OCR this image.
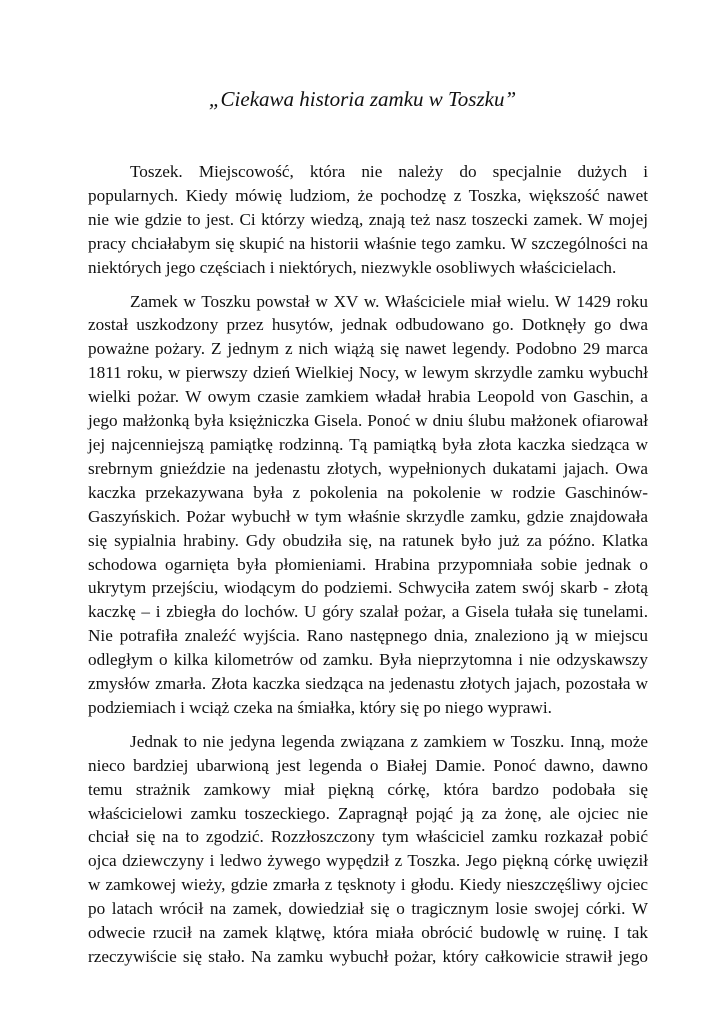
„Ciekawa historia zamku w Toszku”

Toszek. Miejscowość, która nie należy do specjalnie dużych i
popularnych. Kiedy mówię ludziom, że pochodzę z Toszka, większość nawet
nie wie gdzie to jest. Ci którzy wiedzą, znają też nasz toszecki zamek. W mojej
pracy chciałabym się skupić na historii właśnie tego zamku. W szczególności na
niektórych jego częściach i niektórych, niezwykle osobliwych właścicielach.

Zamek w Toszku powstał w XV w. Właściciele miał wielu. W 1429 roku
został uszkodzony przez husytów, jednak odbudowano go. Dotknęły go dwa
poważne pożary. Z jednym z nich wiążą się nawet legendy. Podobno 29 marca
1811 roku, w pierwszy dzień Wielkiej Nocy, w lewym skrzydle zamku wybuchł
wielki pożar. W owym czasie zamkiem władał hrabia Leopold von Gaschin, a
jego małżonką była księżniczka Gisela. Ponoć w dniu ślubu małżonek ofiarował
jej najcenniejszą pamiątkę rodzinną. Tą pamiątką była złota kaczka siedząca w
srebrnym gnieździe na jedenastu złotych, wypełnionych dukatami jajach. Owa
kaczka przekazywana była z pokolenia na pokolenie w rodzie Gaschinów-
Gaszyńskich. Pożar wybuchł w tym właśnie skrzydle zamku, gdzie znajdowała
się sypialnia hrabiny. Gdy obudziła się, na ratunek było już za późno. Klatka
schodowa ogarnięta była płomieniami. Hrabina przypomniała sobie jednak o
ukrytym przejściu, wiodącym do podziemi. Schwyciła zatem swój skarb - złotą
kaczkę – i zbiegła do lochów. U góry szalał pożar, a Gisela tułała się tunelami.
Nie potrafiła znaleźć wyjścia. Rano następnego dnia, znaleziono ją w miejscu
odległym o kilka kilometrów od zamku. Była nieprzytomna i nie odzyskawszy
zmysłów zmarła. Złota kaczka siedząca na jedenastu złotych jajach, pozostała w
podziemiach i wciąż czeka na śmiałka, który się po niego wyprawi.

Jednak to nie jedyna legenda związana z zamkiem w Toszku. Inną, może
nieco bardziej ubarwioną jest legenda o Białej Damie. Ponoć dawno, dawno
temu strażnik zamkowy miał piękną córkę, która bardzo podobała się
właścicielowi zamku toszeckiego. Zapragnął pojąć ją za żonę, ale ojciec nie
chciał się na to zgodzić. Rozzłoszczony tym właściciel zamku rozkazał pobić
ojca dziewczyny i ledwo żywego wypędził z Toszka. Jego piękną córkę uwięził
w zamkowej wieży, gdzie zmarła z tęsknoty i głodu. Kiedy nieszczęśliwy ojciec
po latach wrócił na zamek, dowiedział się o tragicznym losie swojej córki. W
odwecie rzucił na zamek klątwę, która miała obrócić budowlę w ruinę. I tak
rzeczywiście się stało. Na zamku wybuchł pożar, który całkowicie strawił jego
